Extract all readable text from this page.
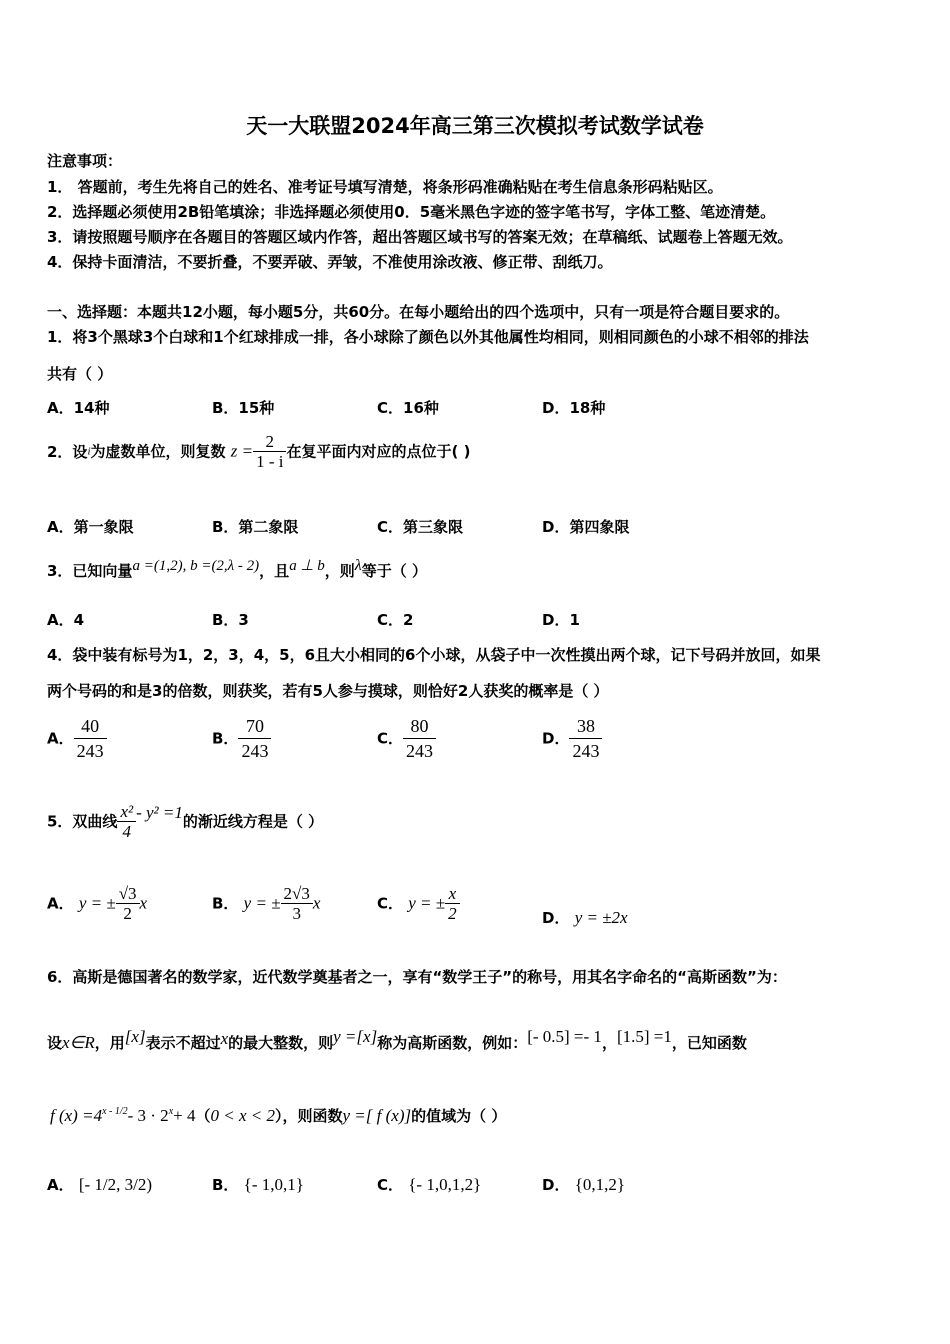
天一大联盟2024年高三第三次模拟考试数学试卷
注意事项：
1． 答题前，考生先将自己的姓名、准考证号填写清楚，将条形码准确粘贴在考生信息条形码粘贴区。
2．选择题必须使用2B铅笔填涂；非选择题必须使用0．5毫米黑色字迹的签字笔书写，字体工整、笔迹清楚。
3．请按照题号顺序在各题目的答题区域内作答，超出答题区域书写的答案无效；在草稿纸、试题卷上答题无效。
4．保持卡面清洁，不要折叠，不要弄破、弄皱，不准使用涂改液、修正带、刮纸刀。
一、选择题：本题共12小题，每小题5分，共60分。在每小题给出的四个选项中，只有一项是符合题目要求的。
1．将3个黑球3个白球和1个红球排成一排，各小球除了颜色以外其他属性均相同，则相同颜色的小球不相邻的排法
共有（ ）
A．14种	B．15种	C．16种	D．18种
2．设i为虚数单位，则复数 $z = \frac{2}{1 - i}$ 在复平面内对应的点位于( )
A．第一象限	B．第二象限	C．第三象限	D．第四象限
3．已知向量a =(1,2), b =(2,λ - 2)，且a ⊥ b，则λ等于（ ）
A．4	B．3	C．2	D．1
4．袋中装有标号为1，2，3，4，5，6且大小相同的6个小球，从袋子中一次性摸出两个球，记下号码并放回，如果
两个号码的和是3的倍数，则获奖，若有5人参与摸球，则恰好2人获奖的概率是（ ）
A． $\frac{40}{243}$	B． $\frac{70}{243}$	C． $\frac{80}{243}$	D． $\frac{38}{243}$
5．双曲线 $\frac{\text{x²}}{4} - y^2 =1$的渐近线方程是（ ）
A． y = ± $\frac{√3}{2}$ x	B． y = ± $\frac{2√3}{3}$ x	C． y = ± $\frac{x}{2}$	D． y = ±2x
6．高斯是德国著名的数学家，近代数学奠基者之一，享有“数学王子”的称号，用其名字命名的“高斯函数”为：
设x∈R，用[x]表示不超过x的最大整数，则y =[x]称为高斯函数，例如：[- 0.5] =- 1，[1.5] =1，已知函数
f $(x) =4^{x - 1/2}-$ $3 \cdot 2^x+ 4(0 < x < 2)$，则函数y =[ f (x)]的值域为（ ）
A． [- 1/2, 3/2)	B． {- 1,0,1}	C． {- 1,0,1,2}	D． {0,1,2}
